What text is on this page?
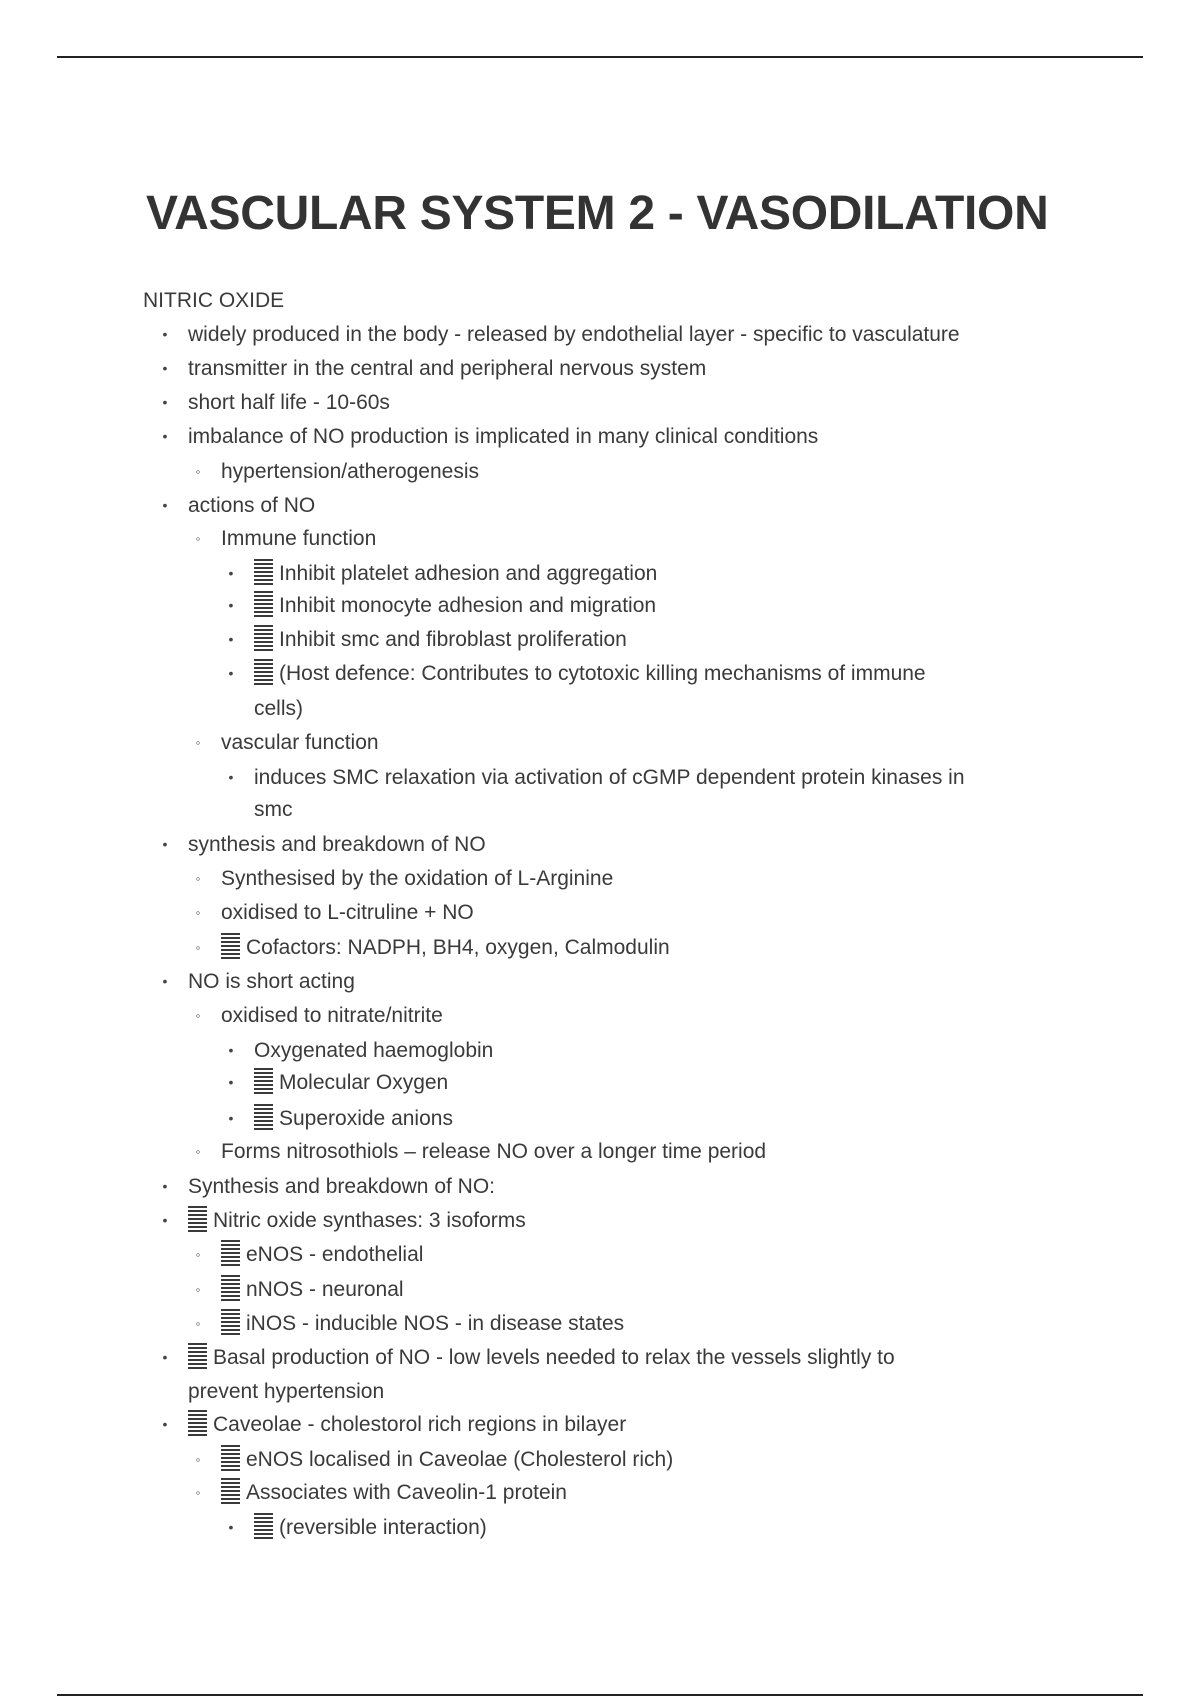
VASCULAR SYSTEM 2 - VASODILATION
NITRIC OXIDE
• widely produced in the body - released by endothelial layer - specific to vasculature
• transmitter in the central and peripheral nervous system
• short half life - 10-60s
• imbalance of NO production is implicated in many clinical conditions
◦ hypertension/atherogenesis
• actions of NO
◦ Immune function
•	Inhibit platelet adhesion and aggregation
•	Inhibit monocyte adhesion and migration
•	Inhibit smc and fibroblast proliferation
•	(Host defence: Contributes to cytotoxic killing mechanisms of immune
cells)
◦ vascular function
• induces SMC relaxation via activation of cGMP dependent protein kinases in
smc
• synthesis and breakdown of NO
◦ Synthesised by the oxidation of L-Arginine
◦ oxidised to L-citruline + NO
◦	Cofactors: NADPH, BH4, oxygen, Calmodulin
• NO is short acting
◦ oxidised to nitrate/nitrite
• Oxygenated haemoglobin
•	Molecular Oxygen
•	Superoxide anions
◦ Forms nitrosothiols – release NO over a longer time period
• Synthesis and breakdown of NO:
•	Nitric oxide synthases: 3 isoforms
◦	eNOS - endothelial
◦	nNOS - neuronal
◦	iNOS - inducible NOS - in disease states
•	Basal production of NO - low levels needed to relax the vessels slightly to
prevent hypertension
•	Caveolae - cholestorol rich regions in bilayer
◦	eNOS localised in Caveolae (Cholesterol rich)
◦	Associates with Caveolin-1 protein
•	(reversible interaction)
